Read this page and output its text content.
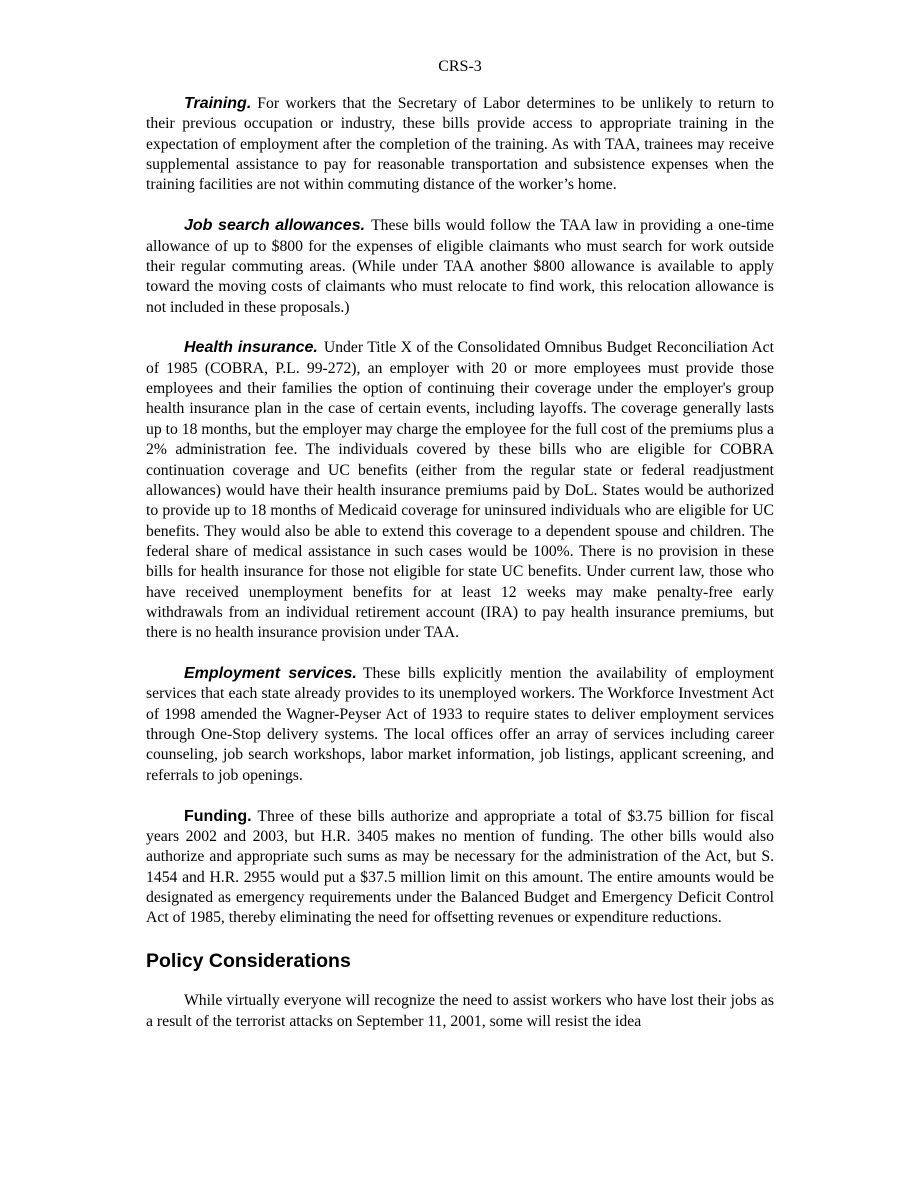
CRS-3

Training. For workers that the Secretary of Labor determines to be unlikely to return to their previous occupation or industry, these bills provide access to appropriate training in the expectation of employment after the completion of the training. As with TAA, trainees may receive supplemental assistance to pay for reasonable transportation and subsistence expenses when the training facilities are not within commuting distance of the worker’s home.

Job search allowances. These bills would follow the TAA law in providing a one-time allowance of up to $800 for the expenses of eligible claimants who must search for work outside their regular commuting areas. (While under TAA another $800 allowance is available to apply toward the moving costs of claimants who must relocate to find work, this relocation allowance is not included in these proposals.)

Health insurance. Under Title X of the Consolidated Omnibus Budget Reconciliation Act of 1985 (COBRA, P.L. 99-272), an employer with 20 or more employees must provide those employees and their families the option of continuing their coverage under the employer's group health insurance plan in the case of certain events, including layoffs. The coverage generally lasts up to 18 months, but the employer may charge the employee for the full cost of the premiums plus a 2% administration fee. The individuals covered by these bills who are eligible for COBRA continuation coverage and UC benefits (either from the regular state or federal readjustment allowances) would have their health insurance premiums paid by DoL. States would be authorized to provide up to 18 months of Medicaid coverage for uninsured individuals who are eligible for UC benefits. They would also be able to extend this coverage to a dependent spouse and children. The federal share of medical assistance in such cases would be 100%. There is no provision in these bills for health insurance for those not eligible for state UC benefits. Under current law, those who have received unemployment benefits for at least 12 weeks may make penalty-free early withdrawals from an individual retirement account (IRA) to pay health insurance premiums, but there is no health insurance provision under TAA.

Employment services. These bills explicitly mention the availability of employment services that each state already provides to its unemployed workers. The Workforce Investment Act of 1998 amended the Wagner-Peyser Act of 1933 to require states to deliver employment services through One-Stop delivery systems. The local offices offer an array of services including career counseling, job search workshops, labor market information, job listings, applicant screening, and referrals to job openings.

Funding. Three of these bills authorize and appropriate a total of $3.75 billion for fiscal years 2002 and 2003, but H.R. 3405 makes no mention of funding. The other bills would also authorize and appropriate such sums as may be necessary for the administration of the Act, but S. 1454 and H.R. 2955 would put a $37.5 million limit on this amount. The entire amounts would be designated as emergency requirements under the Balanced Budget and Emergency Deficit Control Act of 1985, thereby eliminating the need for offsetting revenues or expenditure reductions.

Policy Considerations

While virtually everyone will recognize the need to assist workers who have lost their jobs as a result of the terrorist attacks on September 11, 2001, some will resist the idea
